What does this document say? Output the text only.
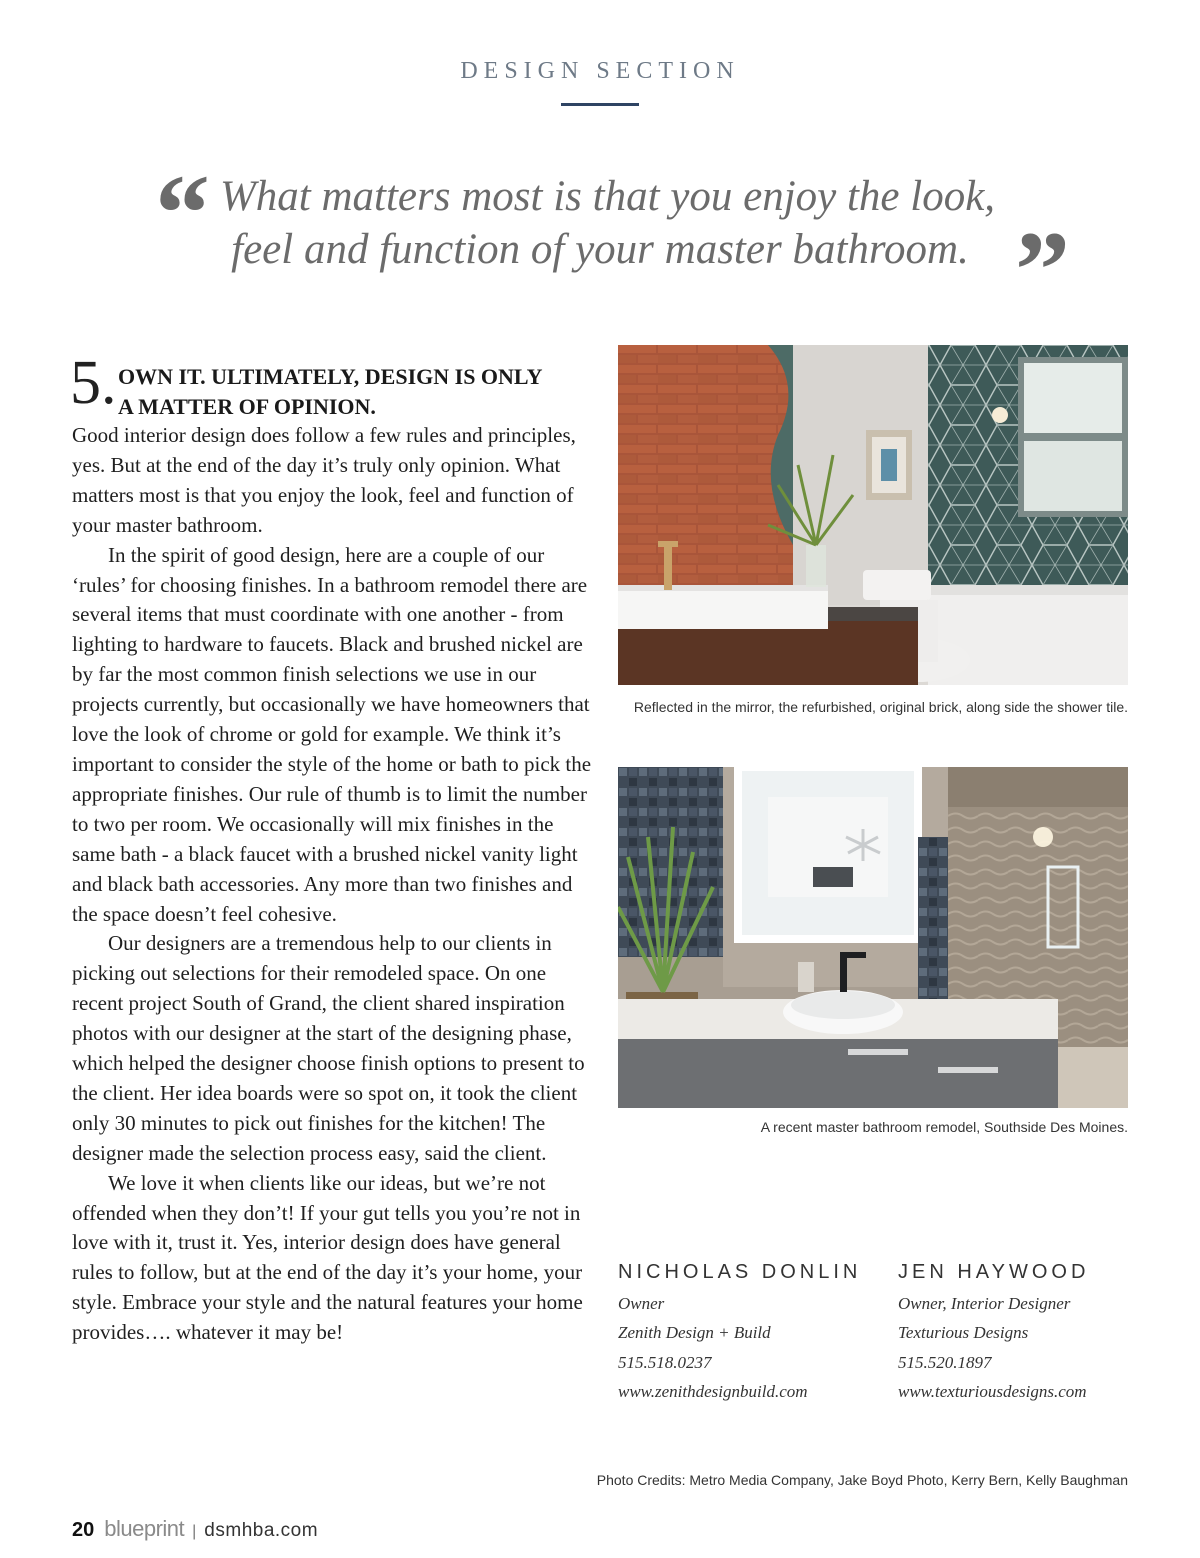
DESIGN SECTION
“ What matters most is that you enjoy the look,
feel and function of your master bathroom. ”
5. OWN IT. ULTIMATELY, DESIGN IS ONLY
A MATTER OF OPINION.

Good interior design does follow a few rules and principles, yes. But at the end of the day it’s truly only opinion. What matters most is that you enjoy the look, feel and function of your master bathroom.

In the spirit of good design, here are a couple of our ‘rules’ for choosing finishes. In a bathroom remodel there are several items that must coordinate with one another - from lighting to hardware to faucets. Black and brushed nickel are by far the most common finish selections we use in our projects currently, but occasionally we have homeowners that love the look of chrome or gold for example. We think it’s important to consider the style of the home or bath to pick the appropriate finishes. Our rule of thumb is to limit the number to two per room. We occasionally will mix finishes in the same bath - a black faucet with a brushed nickel vanity light and black bath accessories. Any more than two finishes and the space doesn’t feel cohesive.

Our designers are a tremendous help to our clients in picking out selections for their remodeled space. On one recent project South of Grand, the client shared inspiration photos with our designer at the start of the designing phase, which helped the designer choose finish options to present to the client. Her idea boards were so spot on, it took the client only 30 minutes to pick out finishes for the kitchen! The designer made the selection process easy, said the client.

We love it when clients like our ideas, but we’re not offended when they don’t! If your gut tells you you’re not in love with it, trust it. Yes, interior design does have general rules to follow, but at the end of the day it’s your home, your style. Embrace your style and the natural features your home provides…. whatever it may be!

Reflected in the mirror, the refurbished, original brick, along side the shower tile.
A recent master bathroom remodel, Southside Des Moines.
NICHOLAS DONLIN
Owner
Zenith Design + Build
515.518.0237
www.zenithdesignbuild.com
JEN HAYWOOD
Owner, Interior Designer
Texturious Designs
515.520.1897
www.texturiousdesigns.com
Photo Credits: Metro Media Company, Jake Boyd Photo, Kerry Bern, Kelly Baughman
20 blueprint | dsmhba.com
